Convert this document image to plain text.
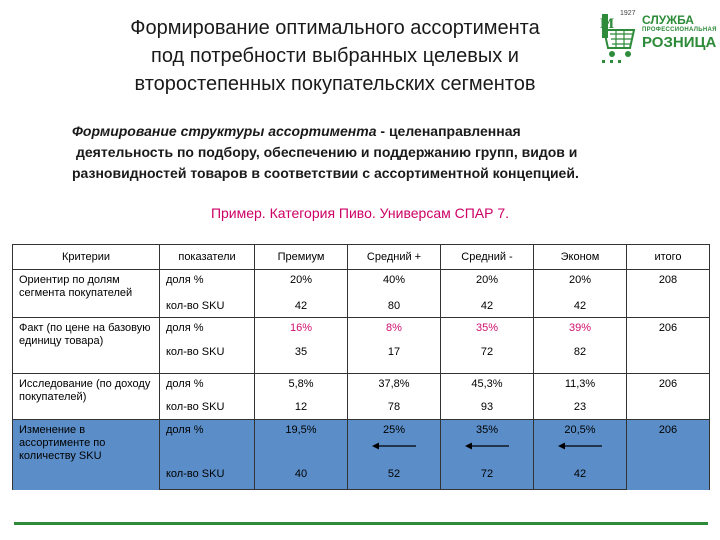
Формирование оптимального ассортимента
под потребности выбранных целевых и
второстепенных покупательских сегментов
M
1927 СЛУЖБА
ПРОФЕССИОНАЛЬНАЯ
РОЗНИЦА
Формирование структуры ассортимента - целенаправленная
деятельность по подбору, обеспечению и поддержанию групп, видов и разновидностей товаров в соответствии с ассортиментной концепцией.
Пример. Категория Пиво. Универсам СПАР 7.
Критерии	показатели	Премиум	Средний +	Средний -	Эконом	итого
Ориентир по долям сегмента покупателей	доля %	20%	40%	20%	20%	208
	кол-во SKU	42	80	42	42	
Факт (по цене на базовую единицу товара)	доля %	16%	8%	35%	39%	206
	кол-во SKU	35	17	72	82	
Исследование (по доходу покупателей)	доля %	5,8%	37,8%	45,3%	11,3%	206
	кол-во SKU	12	78	93	23	
Изменение в ассортименте по количеству SKU	доля %	19,5%	25%	35%	20,5%	206
	кол-во SKU	40	52	72	42	
